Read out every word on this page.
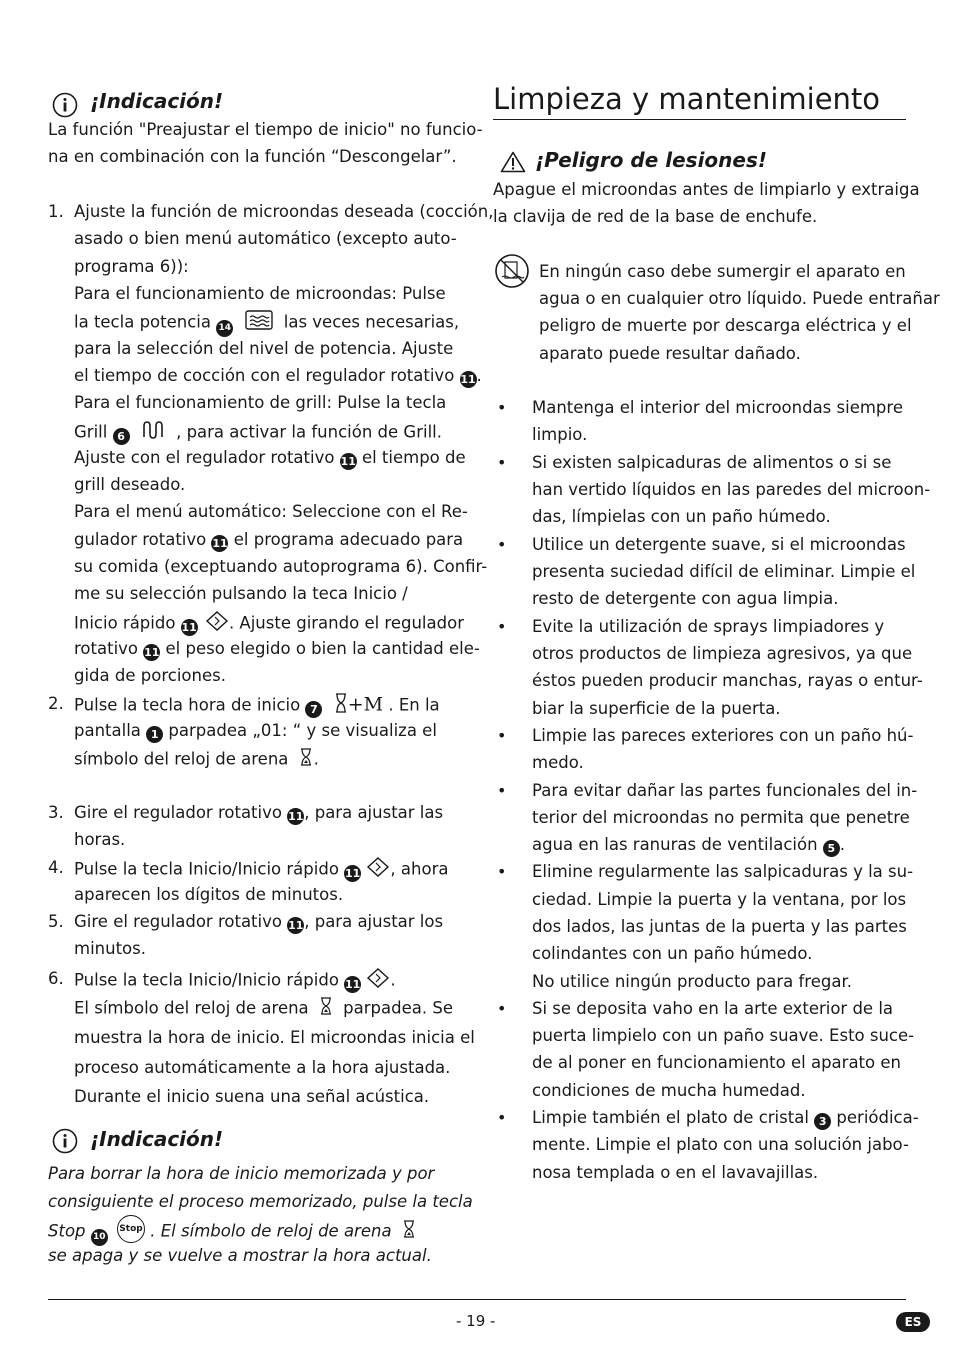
¡Indicación!
La función "Preajustar el tiempo de inicio" no funcio-
na en combinación con la función “Descongelar”.
1. Ajuste la función de microondas deseada (cocción,
asado o bien menú automático (excepto auto-
programa 6)):
Para el funcionamiento de microondas: Pulse
la tecla potencia 14	las veces necesarias,
para la selección del nivel de potencia. Ajuste
el tiempo de cocción con el regulador rotativo 11.
Para el funcionamiento de grill: Pulse la tecla
Grill 6	, para activar la función de Grill.
Ajuste con el regulador rotativo 11 el tiempo de
grill deseado.
Para el menú automático: Seleccione con el Re-
gulador rotativo 11 el programa adecuado para
su comida (exceptuando autoprograma 6). Confir-
me su selección pulsando la teca Inicio /
Inicio rápido 11 . Ajuste girando el regulador
rotativo 11 el peso elegido o bien la cantidad ele-
gida de porciones.
2. Pulse la tecla hora de inicio 7 +M . En la
pantalla 1 parpadea „01: “ y se visualiza el
símbolo del reloj de arena .
3. Gire el regulador rotativo 11, para ajustar las
horas.
4. Pulse la tecla Inicio/Inicio rápido 11 , ahora
aparecen los dígitos de minutos.
5. Gire el regulador rotativo 11, para ajustar los
minutos.
6. Pulse la tecla Inicio/Inicio rápido 11 .
El símbolo del reloj de arena parpadea. Se
muestra la hora de inicio. El microondas inicia el
proceso automáticamente a la hora ajustada.
Durante el inicio suena una señal acústica.
¡Indicación!
Para borrar la hora de inicio memorizada y por
consiguiente el proceso memorizado, pulse la tecla
Stop 10 Stop . El símbolo de reloj de arena
se apaga y se vuelve a mostrar la hora actual.
Limpieza y mantenimiento
¡Peligro de lesiones!
Apague el microondas antes de limpiarlo y extraiga
la clavija de red de la base de enchufe.
En ningún caso debe sumergir el aparato en
agua o en cualquier otro líquido. Puede entrañar
peligro de muerte por descarga eléctrica y el
aparato puede resultar dañado.
• Mantenga el interior del microondas siempre
limpio.
• Si existen salpicaduras de alimentos o si se
han vertido líquidos en las paredes del microon-
das, límpielas con un paño húmedo.
• Utilice un detergente suave, si el microondas
presenta suciedad difícil de eliminar. Limpie el
resto de detergente con agua limpia.
• Evite la utilización de sprays limpiadores y
otros productos de limpieza agresivos, ya que
éstos pueden producir manchas, rayas o entur-
biar la superficie de la puerta.
• Limpie las pareces exteriores con un paño hú-
medo.
• Para evitar dañar las partes funcionales del in-
terior del microondas no permita que penetre
agua en las ranuras de ventilación 5 .
• Elimine regularmente las salpicaduras y la su-
ciedad. Limpie la puerta y la ventana, por los
dos lados, las juntas de la puerta y las partes
colindantes con un paño húmedo.
No utilice ningún producto para fregar.
• Si se deposita vaho en la arte exterior de la
puerta limpielo con un paño suave. Esto suce-
de al poner en funcionamiento el aparato en
condiciones de mucha humedad.
• Limpie también el plato de cristal 3 periódica-
mente. Limpie el plato con una solución jabo-
nosa templada o en el lavavajillas.
- 19 -	ES
